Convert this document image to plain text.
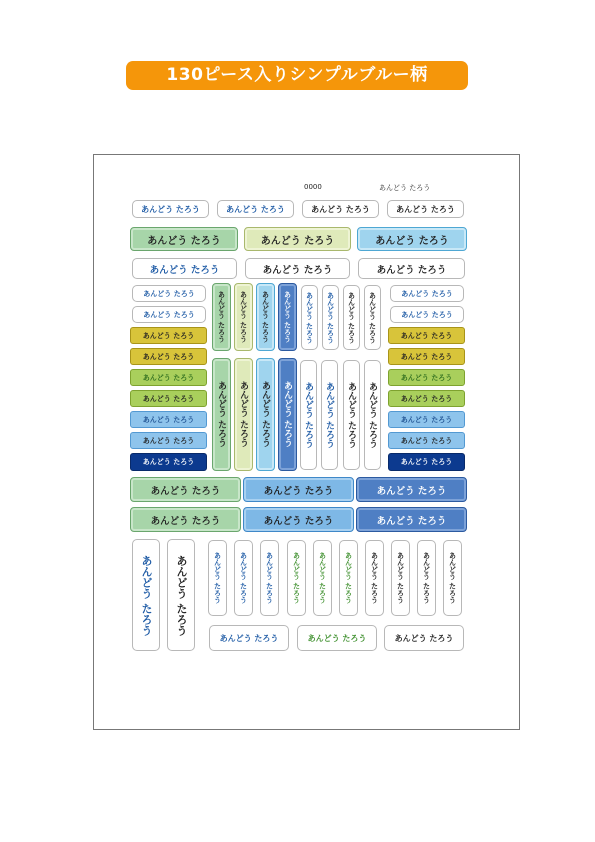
130ピース入りシンプルブルー柄
0000	あんどう たろう
あんどう たろう	あんどう たろう	あんどう たろう	あんどう たろう
あんどう たろう	あんどう たろう	あんどう たろう
あんどう たろう	あんどう たろう	あんどう たろう
あんどう たろう
あんどう たろう
あんどう たろう
あんどう たろう
あんどう たろう
あんどう たろう
あんどう たろう
あんどう たろう
あんどう たろう
あんどう たろう
あんどう たろう
あんどう たろう
あんどう たろう
あんどう たろう
あんどう たろう
あんどう たろう
あんどう たろう
あんどう たろう
あんどう たろう	あんどう たろう	あんどう たろう	あんどう たろう	あんどう たろう	あんどう たろう	あんどう たろう	あんどう たろう
あんどう たろう	あんどう たろう	あんどう たろう	あんどう たろう	あんどう たろう	あんどう たろう	あんどう たろう	あんどう たろう
あんどう たろう	あんどう たろう	あんどう たろう
あんどう たろう	あんどう たろう	あんどう たろう
あんどう たろう	あんどう たろう	あんどう たろう	あんどう たろう	あんどう たろう	あんどう たろう	あんどう たろう	あんどう たろう	あんどう たろう	あんどう たろう	あんどう たろう	あんどう たろう
あんどう たろう	あんどう たろう	あんどう たろう
